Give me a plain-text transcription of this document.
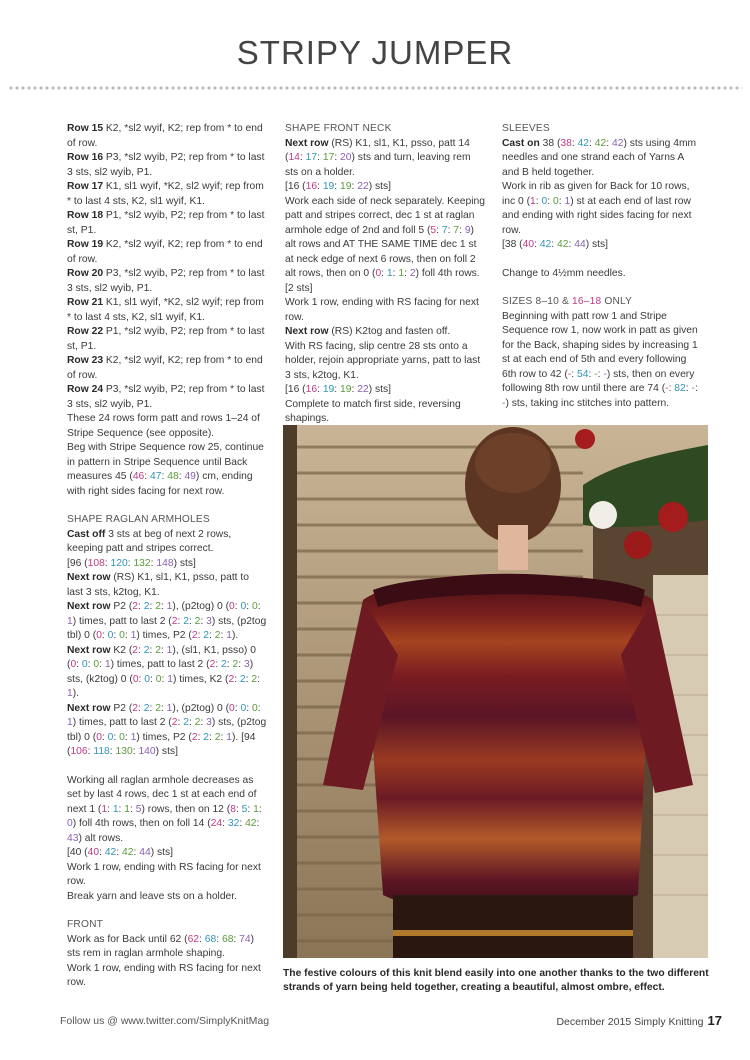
STRIPY JUMPER

Row 15 K2, *sl2 wyif, K2; rep from * to end of row.

Row 16 P3, *sl2 wyib, P2; rep from * to last 3 sts, sl2 wyib, P1.

Row 17 K1, sl1 wyif, *K2, sl2 wyif; rep from * to last 4 sts, K2, sl1 wyif, K1.

Row 18 P1, *sl2 wyib, P2; rep from * to last st, P1.

Row 19 K2, *sl2 wyif, K2; rep from * to end of row.

Row 20 P3, *sl2 wyib, P2; rep from * to last 3 sts, sl2 wyib, P1.

Row 21 K1, sl1 wyif, *K2, sl2 wyif; rep from * to last 4 sts, K2, sl1 wyif, K1.

Row 22 P1, *sl2 wyib, P2; rep from * to last st, P1.

Row 23 K2, *sl2 wyif, K2; rep from * to end of row.

Row 24 P3, *sl2 wyib, P2; rep from * to last 3 sts, sl2 wyib, P1.

These 24 rows form patt and rows 1–24 of Stripe Sequence (see opposite).

Beg with Stripe Sequence row 25, continue in pattern in Stripe Sequence until Back measures 45 (46: 47: 48: 49) cm, ending with right sides facing for next row.

SHAPE RAGLAN ARMHOLES

Cast off 3 sts at beg of next 2 rows, keeping patt and stripes correct.

[96 (108: 120: 132: 148) sts]

Next row (RS) K1, sl1, K1, psso, patt to last 3 sts, k2tog, K1.

Next row P2 (2: 2: 2: 1), (p2tog) 0 (0: 0: 0: 1) times, patt to last 2 (2: 2: 2: 3) sts, (p2tog tbl) 0 (0: 0: 0: 1) times, P2 (2: 2: 2: 1).

Next row K2 (2: 2: 2: 1), (sl1, K1, psso) 0 (0: 0: 0: 1) times, patt to last 2 (2: 2: 2: 3) sts, (k2tog) 0 (0: 0: 0: 1) times, K2 (2: 2: 2: 1).

Next row P2 (2: 2: 2: 1), (p2tog) 0 (0: 0: 0: 1) times, patt to last 2 (2: 2: 2: 3) sts, (p2tog tbl) 0 (0: 0: 0: 1) times, P2 (2: 2: 2: 1). [94 (106: 118: 130: 140) sts]

Working all raglan armhole decreases as set by last 4 rows, dec 1 st at each end of next 1 (1: 1: 1: 5) rows, then on 12 (8: 5: 1: 0) foll 4th rows, then on foll 14 (24: 32: 42: 43) alt rows.

[40 (40: 42: 42: 44) sts]

Work 1 row, ending with RS facing for next row.

Break yarn and leave sts on a holder.

FRONT

Work as for Back until 62 (62: 68: 68: 74) sts rem in raglan armhole shaping.

Work 1 row, ending with RS facing for next row.

SHAPE FRONT NECK

Next row (RS) K1, sl1, K1, psso, patt 14 (14: 17: 17: 20) sts and turn, leaving rem sts on a holder.

[16 (16: 19: 19: 22) sts]

Work each side of neck separately. Keeping patt and stripes correct, dec 1 st at raglan armhole edge of 2nd and foll 5 (5: 7: 7: 9) alt rows and AT THE SAME TIME dec 1 st at neck edge of next 6 rows, then on foll 2 alt rows, then on 0 (0: 1: 1: 2) foll 4th rows. [2 sts]

Work 1 row, ending with RS facing for next row.

Next row (RS) K2tog and fasten off.

With RS facing, slip centre 28 sts onto a holder, rejoin appropriate yarns, patt to last 3 sts, k2tog, K1.

[16 (16: 19: 19: 22) sts]

Complete to match first side, reversing shapings.

SLEEVES

Cast on 38 (38: 42: 42: 42) sts using 4mm needles and one strand each of Yarns A and B held together.

Work in rib as given for Back for 10 rows, inc 0 (1: 0: 0: 1) st at each end of last row and ending with right sides facing for next row.

[38 (40: 42: 42: 44) sts]

Change to 4½mm needles.

SIZES 8–10 & 16–18 ONLY

Beginning with patt row 1 and Stripe Sequence row 1, now work in patt as given for the Back, shaping sides by increasing 1 st at each end of 5th and every following 6th row to 42 (-: 54: -: -) sts, then on every following 8th row until there are 74 (-: 82: -: -) sts, taking inc stitches into pattern.

The festive colours of this knit blend easily into one another thanks to the two different strands of yarn being held together, creating a beautiful, almost ombre, effect.

Follow us @ www.twitter.com/SimplyKnitMag	December 2015 Simply Knitting 17
